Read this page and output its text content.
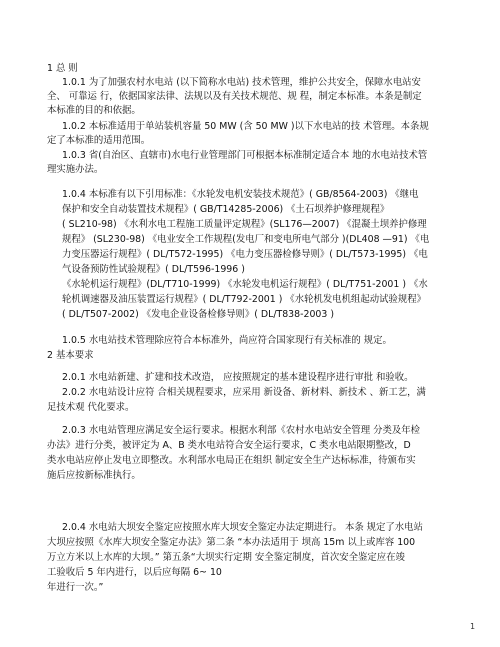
1 总 则
1.0.1 为了加强农村水电站 (以下简称水电站) 技术管理，维护公共安全，保障水电站安
全、 可靠运 行，依据国家法律、法规以及有关技术规范、规 程，制定本标准。本条是制定
本标准的目的和依据。
1.0.2 本标准适用于单站装机容量 50 MW (含 50 MW )以下水电站的技 术管理。本条规
定了本标准的适用范围。
1.0.3 省(自治区、直辖市)水电行业管理部门可根据本标准制定适合本 地的水电站技术管
理实施办法。
1.0.4 本标准有以下引用标准：《水轮发电机安装技术规范》( GB/8564-2003) 《继电
保护和安全自动装置技术规程》( GB/T14285-2006) 《土石坝养护修理规程》
( SL210-98) 《水利水电工程施工质量评定规程》(SL176—2007) 《混凝土坝养护修理
规程》 (SL230-98) 《电业安全工作规程(发电厂和变电所电气部分 )(DL408 —91) 《电
力变压器运行规程》( DL/T572-1995) 《电力变压器检修导则》( DL/T573-1995) 《电
气设备预防性试验规程》( DL/T596-1996 )
《水轮机运行规程》(DL/T710-1999) 《水轮发电机运行规程》( DL/T751-2001 ) 《水
轮机调速器及油压装置运行规程》( DL/T792-2001 ) 《水轮机发电机组起动试验规程》
( DL/T507-2002) 《发电企业设备检修导则》( DL/T838-2003 )
1.0.5 水电站技术管理除应符合本标准外，尚应符合国家现行有关标准的 规定。
2 基本要求
2.0.1 水电站新建、扩建和技术改造， 应按照规定的基本建设程序进行审批 和验收。
2.0.2 水电站设计应符 合相关规程要求，应采用 新设备、新材料、新技术 、新工艺，满
足技术观 代化要求。
2.0.3 水电站管理应满足安全运行要求。根据水利部《农村水电站安全管理 分类及年检
办法》进行分类，被评定为 A、B 类水电站符合安全运行要求，C 类水电站限期整改，D
类水电站应停止发电立即整改。水利部水电局正在组织 制定安全生产达标标准，待颁布实
施后应按新标准执行。
2.0.4 水电站大坝安全鉴定应按照水库大坝安全鉴定办法定期进行。 本条 规定了水电站
大坝应按照《水库大坝安全鉴定办法》第二条 “本办法适用于 坝高 15m 以上或库容 100
万立方米以上水库的大坝。” 第五条“大坝实行定期 安全鉴定制度，首次安全鉴定应在竣
工验收后 5 年内进行，以后应每隔 6~ 10
年进行一次。”
1
